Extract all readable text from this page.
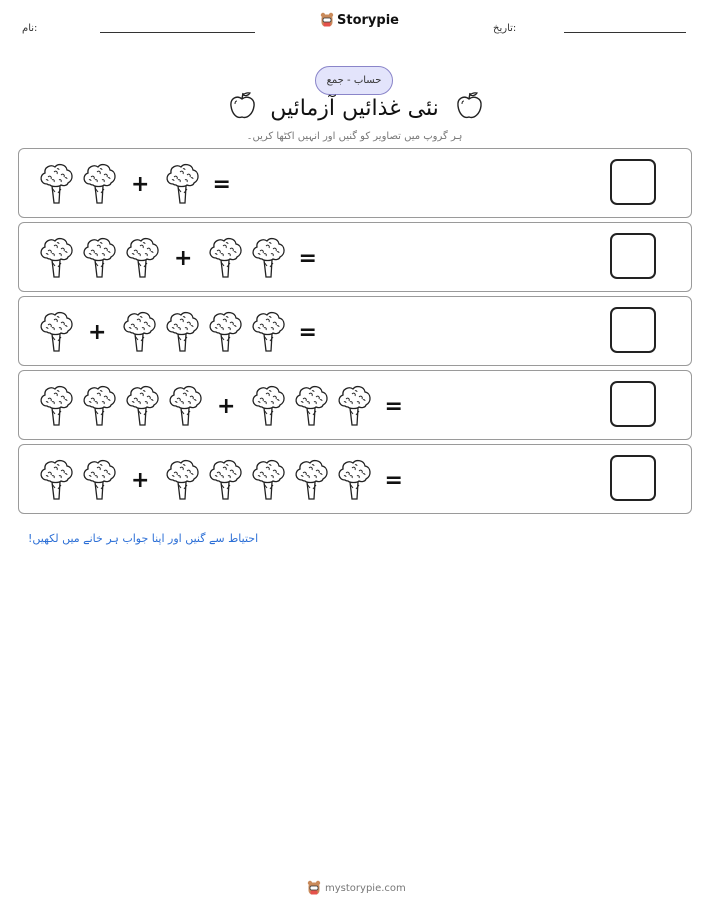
نام:
Storypie
تاریخ:
حساب - جمع
نئی غذائیں آزمائیں
ہر گروپ میں تصاویر کو گنیں اور انہیں اکٹھا کریں۔
+	=
+	=
+	=
+	=
+	=
احتیاط سے گنیں اور اپنا جواب ہر خانے میں لکھیں!
mystorypie.com
